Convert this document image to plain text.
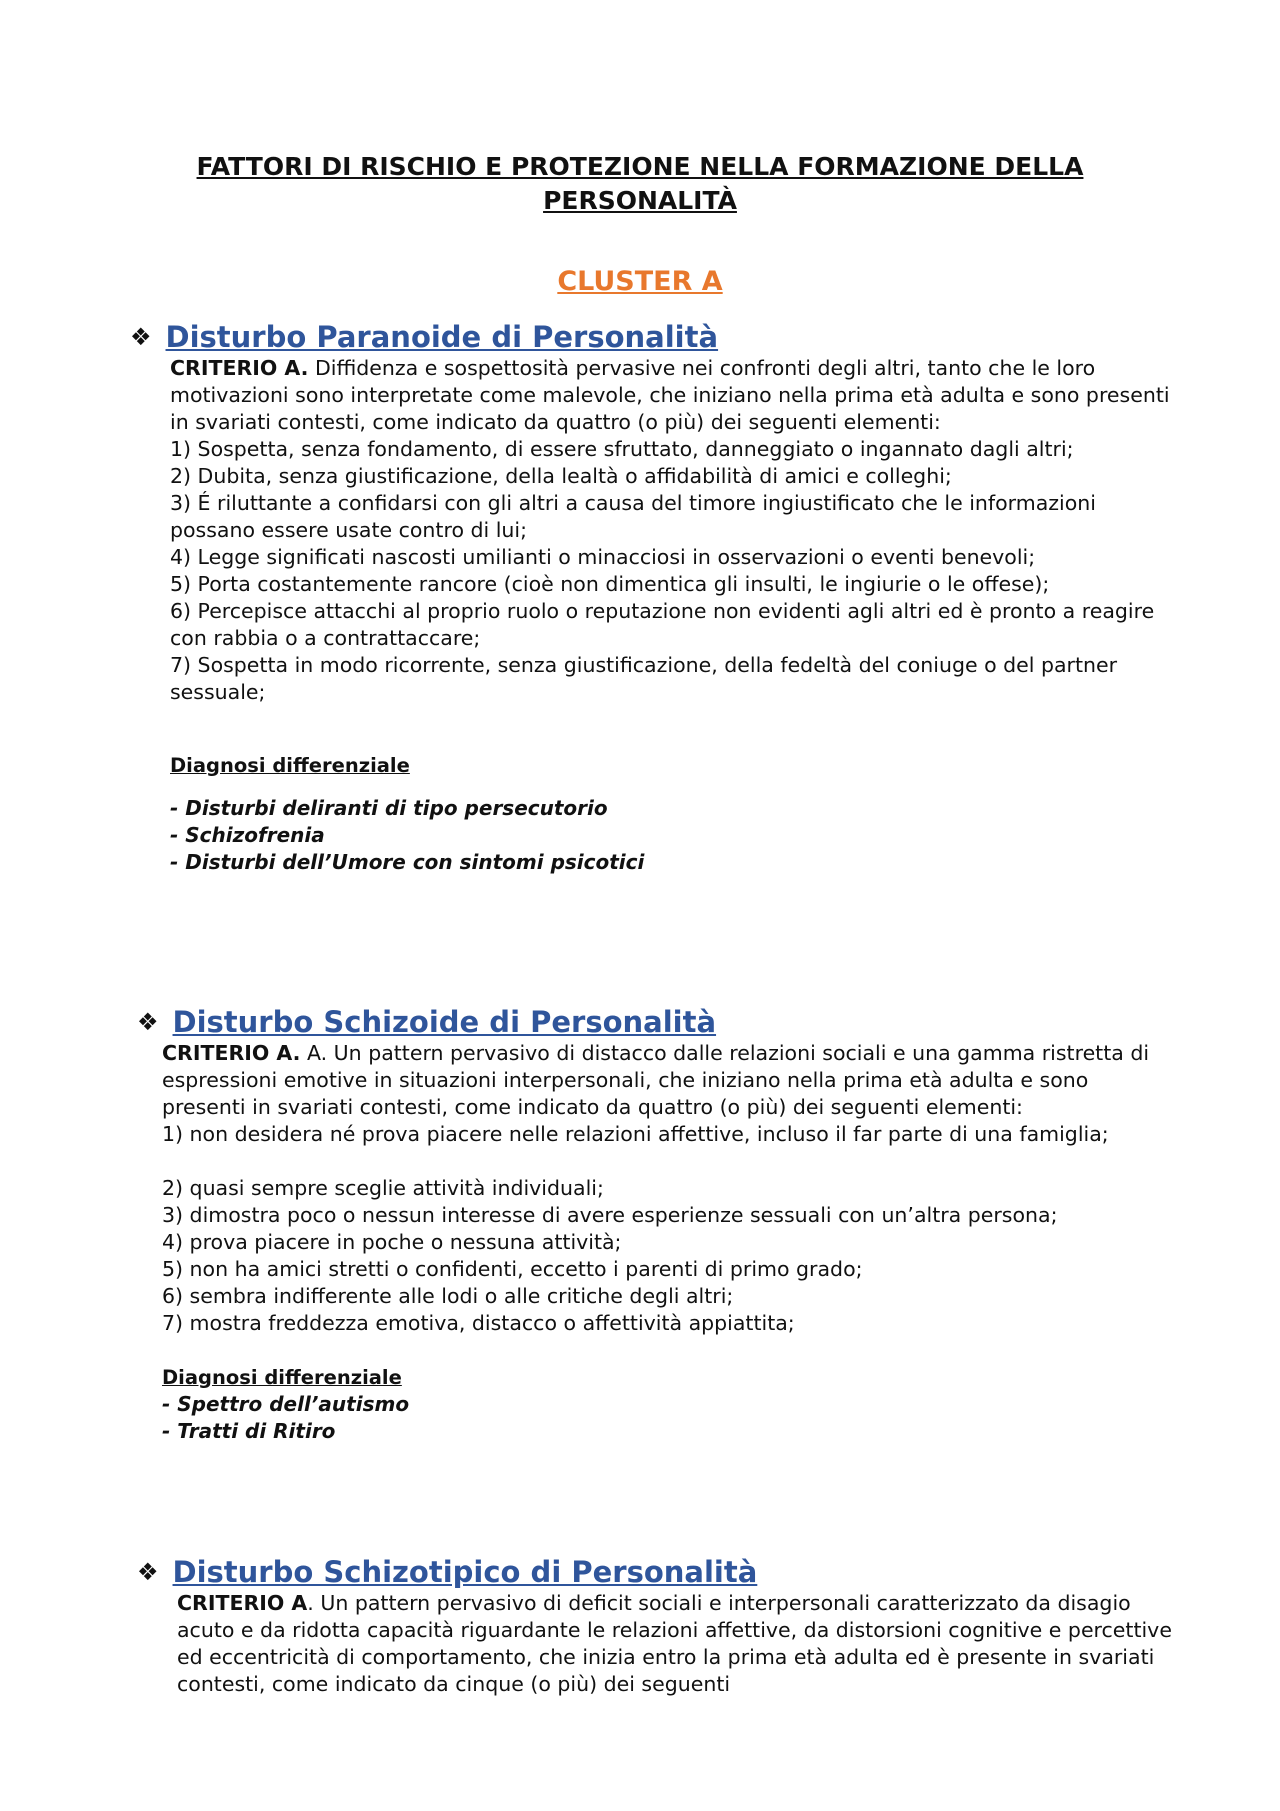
FATTORI DI RISCHIO E PROTEZIONE NELLA FORMAZIONE DELLA PERSONALITÀ
CLUSTER A
❖ Disturbo Paranoide di Personalità

CRITERIO A. Diffidenza e sospettosità pervasive nei confronti degli altri, tanto che le loro motivazioni sono interpretate come malevole, che iniziano nella prima età adulta e sono presenti in svariati contesti, come indicato da quattro (o più) dei seguenti elementi:

1) Sospetta, senza fondamento, di essere sfruttato, danneggiato o ingannato dagli altri;

2) Dubita, senza giustificazione, della lealtà o affidabilità di amici e colleghi;

3) É riluttante a confidarsi con gli altri a causa del timore ingiustificato che le informazioni possano essere usate contro di lui;

4) Legge significati nascosti umilianti o minacciosi in osservazioni o eventi benevoli;

5) Porta costantemente rancore (cioè non dimentica gli insulti, le ingiurie o le offese);

6) Percepisce attacchi al proprio ruolo o reputazione non evidenti agli altri ed è pronto a reagire con rabbia o a contrattaccare;

7) Sospetta in modo ricorrente, senza giustificazione, della fedeltà del coniuge o del partner sessuale;

Diagnosi differenziale

- Disturbi deliranti di tipo persecutorio

- Schizofrenia

- Disturbi dell’Umore con sintomi psicotici

❖ Disturbo Schizoide di Personalità

CRITERIO A. A. Un pattern pervasivo di distacco dalle relazioni sociali e una gamma ristretta di espressioni emotive in situazioni interpersonali, che iniziano nella prima età adulta e sono presenti in svariati contesti, come indicato da quattro (o più) dei seguenti elementi:

1) non desidera né prova piacere nelle relazioni affettive, incluso il far parte di una famiglia;

2) quasi sempre sceglie attività individuali;

3) dimostra poco o nessun interesse di avere esperienze sessuali con un’altra persona;

4) prova piacere in poche o nessuna attività;

5) non ha amici stretti o confidenti, eccetto i parenti di primo grado;

6) sembra indifferente alle lodi o alle critiche degli altri;

7) mostra freddezza emotiva, distacco o affettività appiattita;

Diagnosi differenziale

- Spettro dell’autismo

- Tratti di Ritiro

❖ Disturbo Schizotipico di Personalità

CRITERIO A. Un pattern pervasivo di deficit sociali e interpersonali caratterizzato da disagio acuto e da ridotta capacità riguardante le relazioni affettive, da distorsioni cognitive e percettive ed eccentricità di comportamento, che inizia entro la prima età adulta ed è presente in svariati contesti, come indicato da cinque (o più) dei seguenti
